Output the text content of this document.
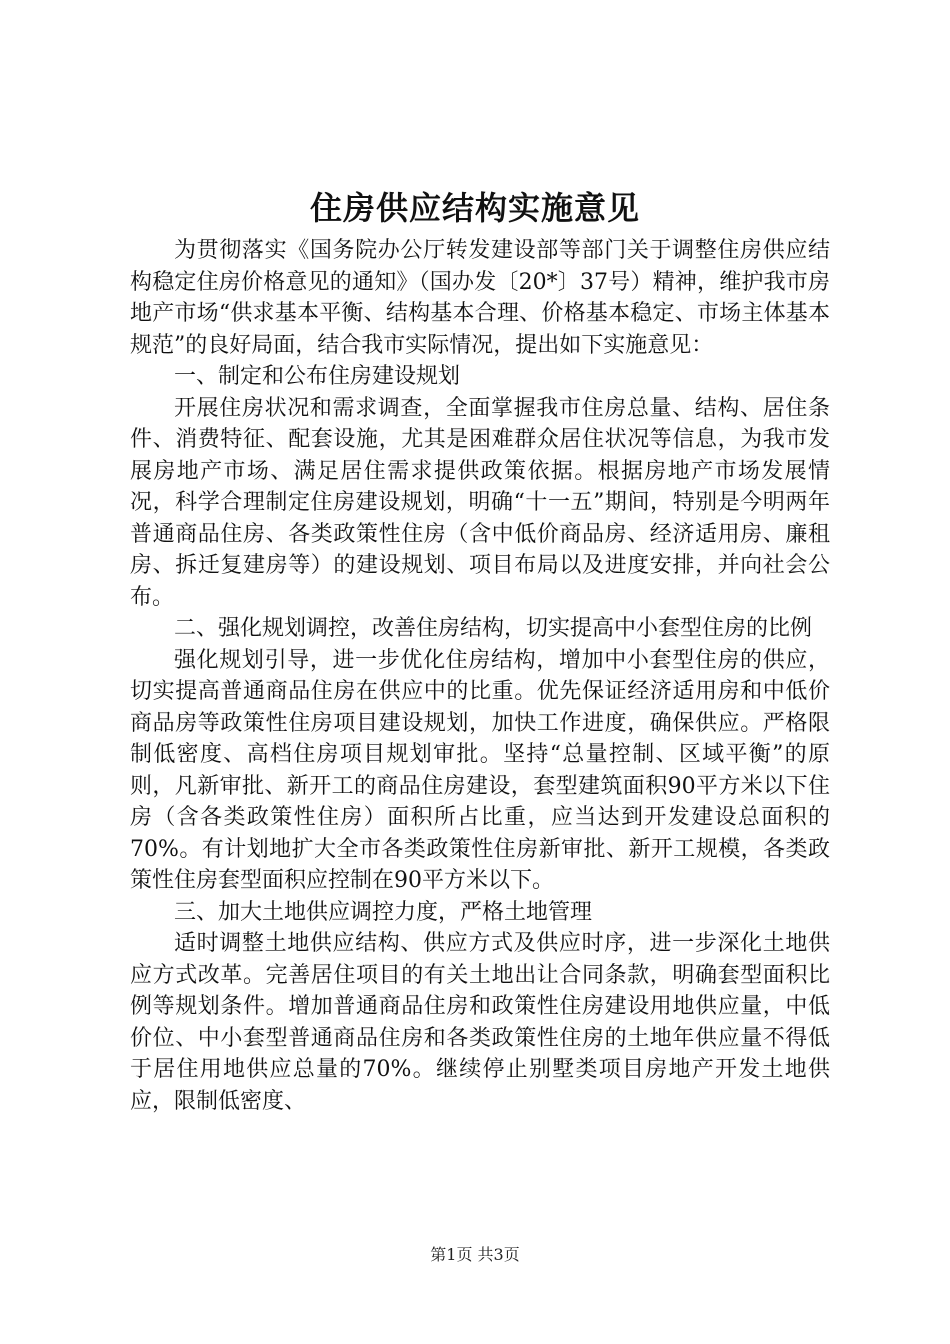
住房供应结构实施意见

为贯彻落实《国务院办公厅转发建设部等部门关于调整住房供应结构稳定住房价格意见的通知》（国办发〔20*〕37号）精神，维护我市房地产市场“供求基本平衡、结构基本合理、价格基本稳定、市场主体基本规范”的良好局面，结合我市实际情况，提出如下实施意见：

一、制定和公布住房建设规划

开展住房状况和需求调查，全面掌握我市住房总量、结构、居住条件、消费特征、配套设施，尤其是困难群众居住状况等信息，为我市发展房地产市场、满足居住需求提供政策依据。根据房地产市场发展情况，科学合理制定住房建设规划，明确“十一五”期间，特别是今明两年普通商品住房、各类政策性住房（含中低价商品房、经济适用房、廉租房、拆迁复建房等）的建设规划、项目布局以及进度安排，并向社会公布。

二、强化规划调控，改善住房结构，切实提高中小套型住房的比例

强化规划引导，进一步优化住房结构，增加中小套型住房的供应，切实提高普通商品住房在供应中的比重。优先保证经济适用房和中低价商品房等政策性住房项目建设规划，加快工作进度，确保供应。严格限制低密度、高档住房项目规划审批。坚持“总量控制、区域平衡”的原则，凡新审批、新开工的商品住房建设，套型建筑面积90平方米以下住房（含各类政策性住房）面积所占比重，应当达到开发建设总面积的70%。有计划地扩大全市各类政策性住房新审批、新开工规模，各类政策性住房套型面积应控制在90平方米以下。

三、加大土地供应调控力度，严格土地管理

适时调整土地供应结构、供应方式及供应时序，进一步深化土地供应方式改革。完善居住项目的有关土地出让合同条款，明确套型面积比例等规划条件。增加普通商品住房和政策性住房建设用地供应量，中低价位、中小套型普通商品住房和各类政策性住房的土地年供应量不得低于居住用地供应总量的70%。继续停止别墅类项目房地产开发土地供应，限制低密度、

第1页 共3页
